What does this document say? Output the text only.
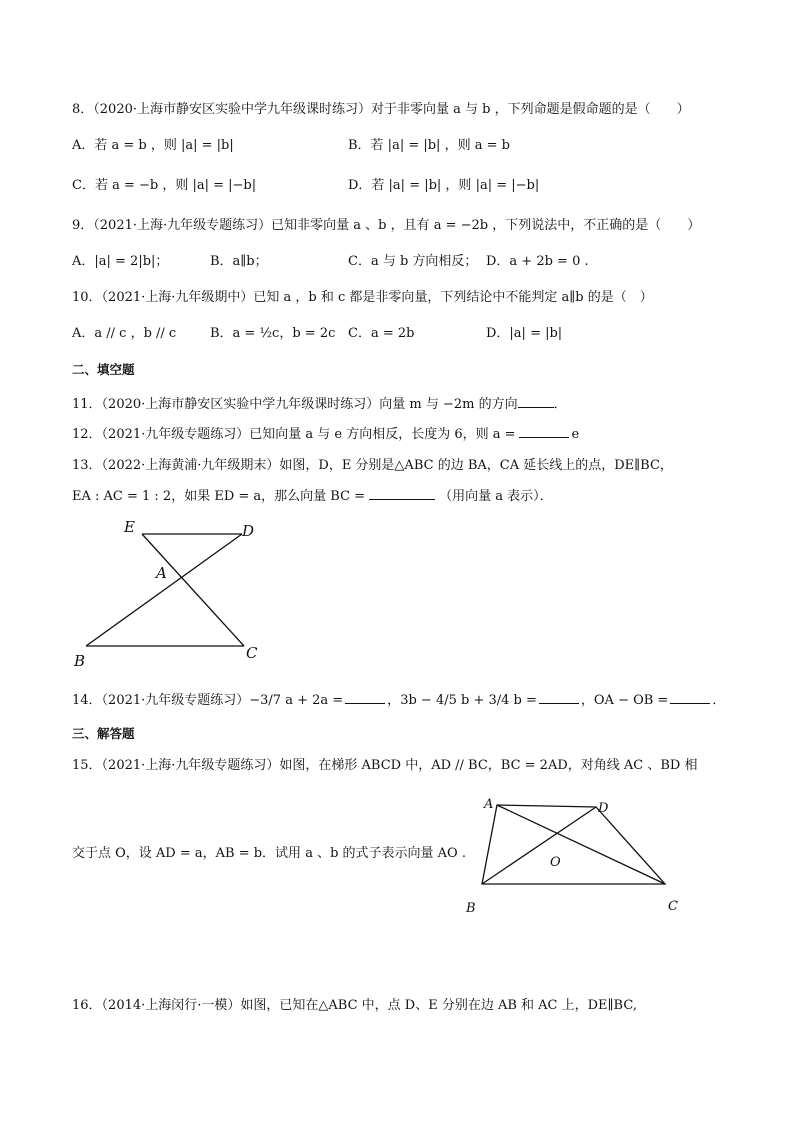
8．（2020·上海市静安区实验中学九年级课时练习）对于非零向量 a 与 b ，下列命题是假命题的是（　　）
A．若 a = b ，则 |a| = |b|	B．若 |a| = |b| ，则 a = b
C．若 a = −b ，则 |a| = |−b|	D．若 |a| = |b| ，则 |a| = |−b|
9．（2021·上海·九年级专题练习）已知非零向量 a 、b ，且有 a = −2b ，下列说法中，不正确的是（　　）
A．|a| = 2|b|；	B．a∥b；	C．a 与 b 方向相反； D．a + 2b = 0 .
10．（2021·上海·九年级期中）已知 a ，b 和 c 都是非零向量，下列结论中不能判定 a∥b 的是（　）
A．a // c ，b // c	B．a = ½c，b = 2c C．a = 2b	D．|a| = |b|
二、填空题
11．（2020·上海市静安区实验中学九年级课时练习）向量 m 与 −2m 的方向	．
12．（2021·九年级专题练习）已知向量 a 与 e 方向相反，长度为 6，则 a =	e
13．（2022·上海黄浦·九年级期末）如图，D，E 分别是△ABC 的边 BA，CA 延长线上的点，DE∥BC，
EA : AC = 1 : 2，如果 ED = a，那么向量 BC =	（用向量 a 表示）．
E	D
A
B	C
14．（2021·九年级专题练习）−3/7 a + 2a =	，3b − 4/5 b + 3/4 b =	，OA − OB =	．
三、解答题
15．（2021·上海·九年级专题练习）如图，在梯形 ABCD 中，AD // BC，BC = 2AD，对角线 AC 、BD 相
交于点 O，设 AD = a，AB = b．试用 a 、b 的式子表示向量 AO .
A	D
O
B	C
16．（2014·上海闵行·一模）如图，已知在△ABC 中，点 D、E 分别在边 AB 和 AC 上，DE∥BC,
